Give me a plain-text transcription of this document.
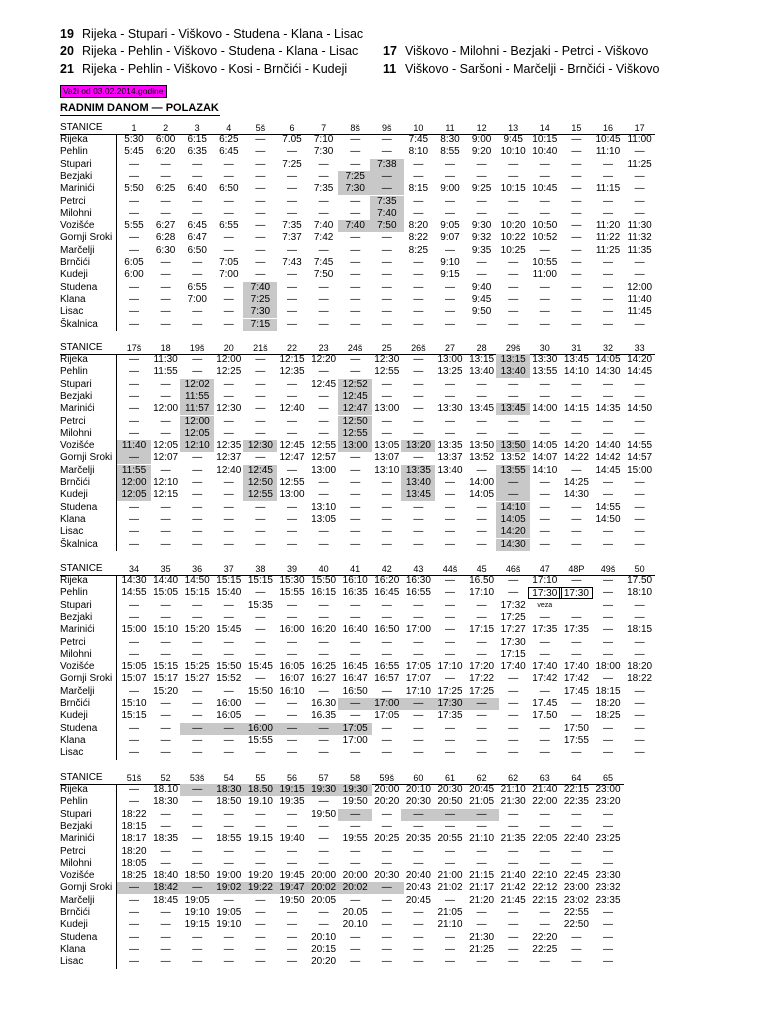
19 Rijeka - Stupari - Viškovo - Studena - Klana - Lisac
20 Rijeka - Pehlin - Viškovo - Studena - Klana - Lisac
21 Rijeka - Pehlin - Viškovo - Kosi - Brnčići - Kudeji
17 Viškovo - Milohni - Bezjaki - Petrci - Viškovo
11 Viškovo - Saršoni - Marčelji - Brnčići - Viškovo
Važi od 03.02.2014.godine
RADNIM DANOM — POLAZAK
STANICE	1	2	3	4	5š	6	7	8š	9š	10	11	12	13	14	15	16	17
Rijeka	5:30	6:00	6:15	6:25	—	7.05	7:10	—	—	7:45	8:30	9:00	9:45 10:15	—	10:45 11:00
Pehlin	5:45	6:20	6:35	6:45	—	—	7:30	—	—	8:10	8:55	9:20 10:10 10:40	—	11:10	—
Stupari	—	—	—	—	—	7:25	—	—	7:38	—	—	—	—	—	—	—	11:25
Bezjaki	—	—	—	—	—	—	—	7:25	—	—	—	—	—	—	—	—	—
Marinići	5:50	6:25	6:40	6:50	—	—	7:35	7:30	—	8:15	9:00	9:25 10:15 10:45	—	11:15	—
Petrci	—	—	—	—	—	—	—	—	7:35	—	—	—	—	—	—	—	—
Milohni	—	—	—	—	—	—	—	—	7:40	—	—	—	—	—	—	—	—
Vozišće	5:55	6:27	6:45	6:55	—	7:35	7:40	7:40	7:50	8:20	9:05	9:30 10:20 10:50	—	11:20 11:30
Gornji Sroki	—	6:28	6:47	—	—	7:37	7:42	—	—	8:22	9:07	9:32 10:22 10:52	—	11:22 11:32
Marčelji	—	6:30	6:50	—	—	—	—	—	—	8:25	—	9:35 10:25	—	—	11:25 11:35
Brnčići	6:05	—	—	7:05	—	7:43	7:45	—	—	—	9:10	—	—	10:55	—	—	—
Kudeji	6:00	—	—	7:00	—	—	7:50	—	—	—	9:15	—	—	11:00	—	—	—
Studena	—	—	6:55	—	7:40	—	—	—	—	—	—	9:40	—	—	—	—	12:00
Klana	—	—	7:00	—	7:25	—	—	—	—	—	—	9:45	—	—	—	—	11:40
Lisac	—	—	—	—	7:30	—	—	—	—	—	—	9:50	—	—	—	—	11:45
Škalnica	—	—	—	—	7:15	—	—	—	—	—	—	—	—	—	—	—	—
STANICE	17š	18	19š	20	21š	22	23	24š	25	26š	27	28	29š	30	31	32	33
Rijeka	—	11:30	—	12:00	—	12:15 12:20	—	12:30	—	13:00 13:15 13:15 13:30 13:45 14:05 14:20
Pehlin	—	11:55	—	12:25	—	12:35	—	—	12:55	—	13:25 13:40 13:40 13:55 14:10 14:30 14:45
Stupari	—	—	12:02	—	—	—	12:45 12:52	—	—	—	—	—	—	—	—	—
Bezjaki	—	—	11:55	—	—	—	—	12:45	—	—	—	—	—	—	—	—	—
Marinići	—	12:00 11:57 12:30	—	12:40	—	12:47 13:00	—	13:30 13:45 13:45 14:00 14:15 14:35 14:50
Petrci	—	—	12:00	—	—	—	—	12:50	—	—	—	—	—	—	—	—	—
Milohni	—	—	12:05	—	—	—	—	12:55	—	—	—	—	—	—	—	—	—
Vozišće	11:40 12:05 12:10 12:35 12:30 12:45 12:55 13:00 13:05 13:20 13:35 13:50 13:50 14:05 14:20 14:40 14:55
Gornji Sroki	—	12:07	—	12:37	—	12:47 12:57	—	13:07	—	13:37 13:52 13:52 14:07 14:22 14:42 14:57
Marčelji	11:55	—	—	12:40 12:45	—	13:00	—	13:10 13:35 13:40	—	13:55 14:10	—	14:45 15:00
Brnčići	12:00 12:10	—	—	12:50 12:55	—	—	—	13:40	—	14:00	—	—	14:25	—	—
Kudeji	12:05 12:15	—	—	12:55 13:00	—	—	—	13:45	—	14:05	—	—	14:30	—	—
Studena	—	—	—	—	—	—	13:10	—	—	—	—	—	14:10	—	—	14:55	—
Klana	—	—	—	—	—	—	13:05	—	—	—	—	—	14:05	—	—	14:50	—
Lisac	—	—	—	—	—	—	—	—	—	—	—	—	14:20	—	—	—	—
Škalnica	—	—	—	—	—	—	—	—	—	—	—	—	14:30	—	—	—	—
STANICE	34	35	36	37	38	39	40	41	42	43	44š	45	46š	47	48P	49š	50
Rijeka	14:30 14:40 14:50 15:15 15:15 15:30 15:50 16:10 16:20 16:30	—	16.50	—	17:10	—	—	17.50
Pehlin	14:55 15:05 15:15 15:40	—	15:55 16:15 16:35 16:45 16:55	—	17:10	—	17:30 17:30	—	18:10
Stupari	—	—	—	—	15:35	—	—	—	—	—	—	—	17:32	veza	—	—
Bezjaki	—	—	—	—	—	—	—	—	—	—	—	—	17:25	—	—	—	—
Marinići	15:00 15:10 15:20 15:45	—	16:00 16:20 16:40 16:50 17:00	—	17:15 17:27 17:35 17:35	—	18:15
Petrci	—	—	—	—	—	—	—	—	—	—	—	—	17:30	—	—	—	—
Milohni	—	—	—	—	—	—	—	—	—	—	—	—	17:15	—	—	—	—
Vozišće	15:05 15:15 15:25 15:50 15:45 16:05 16:25 16:45 16:55 17:05 17:10 17:20 17:40 17:40 17:40 18:00 18:20
Gornji Sroki 15:07 15:17 15:27 15:52	—	16:07 16:27 16:47 16:57 17:07	—	17:22	—	17:42 17:42	—	18:22
Marčelji	—	15:20	—	—	15:50 16:10	—	16:50	—	17:10 17:25 17:25	—	—	17:45 18:15	—
Brnčići	15:10	—	—	16:00	—	—	16.30	—	17:00	—	17:30	—	—	17.45	—	18:20	—
Kudeji	15:15	—	—	16:05	—	—	16.35	—	17:05	—	17:35	—	—	17.50	—	18:25	—
Studena	—	—	—	—	16:00	—	—	17:05	—	—	—	—	—	—	17:50	—	—
Klana	—	—	—	—	15:55	—	—	17:00	—	—	—	—	—	—	17:55	—	—
Lisac	—	—	—	—	—	—	—	—	—	—	—	—	—	—	—	—	—
STANICE	51š	52	53š	54	55	56	57	58	59š	60	61	62	62	63	64	65
Rijeka	—	18.10	—	18:30 18.50 19:15 19:30 19:30 20:00 20:10 20:30 20:45 21:10 21:40 22:15 23:00
Pehlin	—	18:30	—	18:50 19.10 19:35	—	19:50 20:20 20:30 20:50 21:05 21:30 22:00 22:35 23:20
Stupari	18:22	—	—	—	—	—	19:50	—	—	—	—	—	—	—	—	—
Bezjaki	18:15	—	—	—	—	—	—	—	—	—	—	—	—	—	—	—
Marinići	18:17 18:35	—	18:55 19.15 19:40	—	19:55 20:25 20:35 20:55 21:10 21:35 22:05 22:40 23:25
Petrci	18:20	—	—	—	—	—	—	—	—	—	—	—	—	—	—	—
Milohni	18:05	—	—	—	—	—	—	—	—	—	—	—	—	—	—	—
Vozišće	18:25 18:40 18:50 19:00 19:20 19:45 20:00 20:00 20:30 20:40 21:00 21:15 21:40 22:10 22:45 23:30
Gornji Sroki	—	18:42	—	19:02 19:22 19:47 20:02 20:02	—	20:43 21:02 21:17 21:42 22:12 23:00 23:32
Marčelji	—	18:45 19:05	—	—	19:50 20:05	—	—	20:45	—	21:20 21:45 22:15 23:02 23:35
Brnčići	—	—	19:10 19:05	—	—	—	20.05	—	—	21:05	—	—	—	22:55	—
Kudeji	—	—	19:15 19:10	—	—	—	20.10	—	—	21:10	—	—	—	22:50	—
Studena	—	—	—	—	—	—	20:10	—	—	—	—	21:30	—	22:20	—	—
Klana	—	—	—	—	—	—	20:15	—	—	—	—	21:25	—	22:25	—	—
Lisac	—	—	—	—	—	—	20:20	—	—	—	—	—	—	—	—	—
